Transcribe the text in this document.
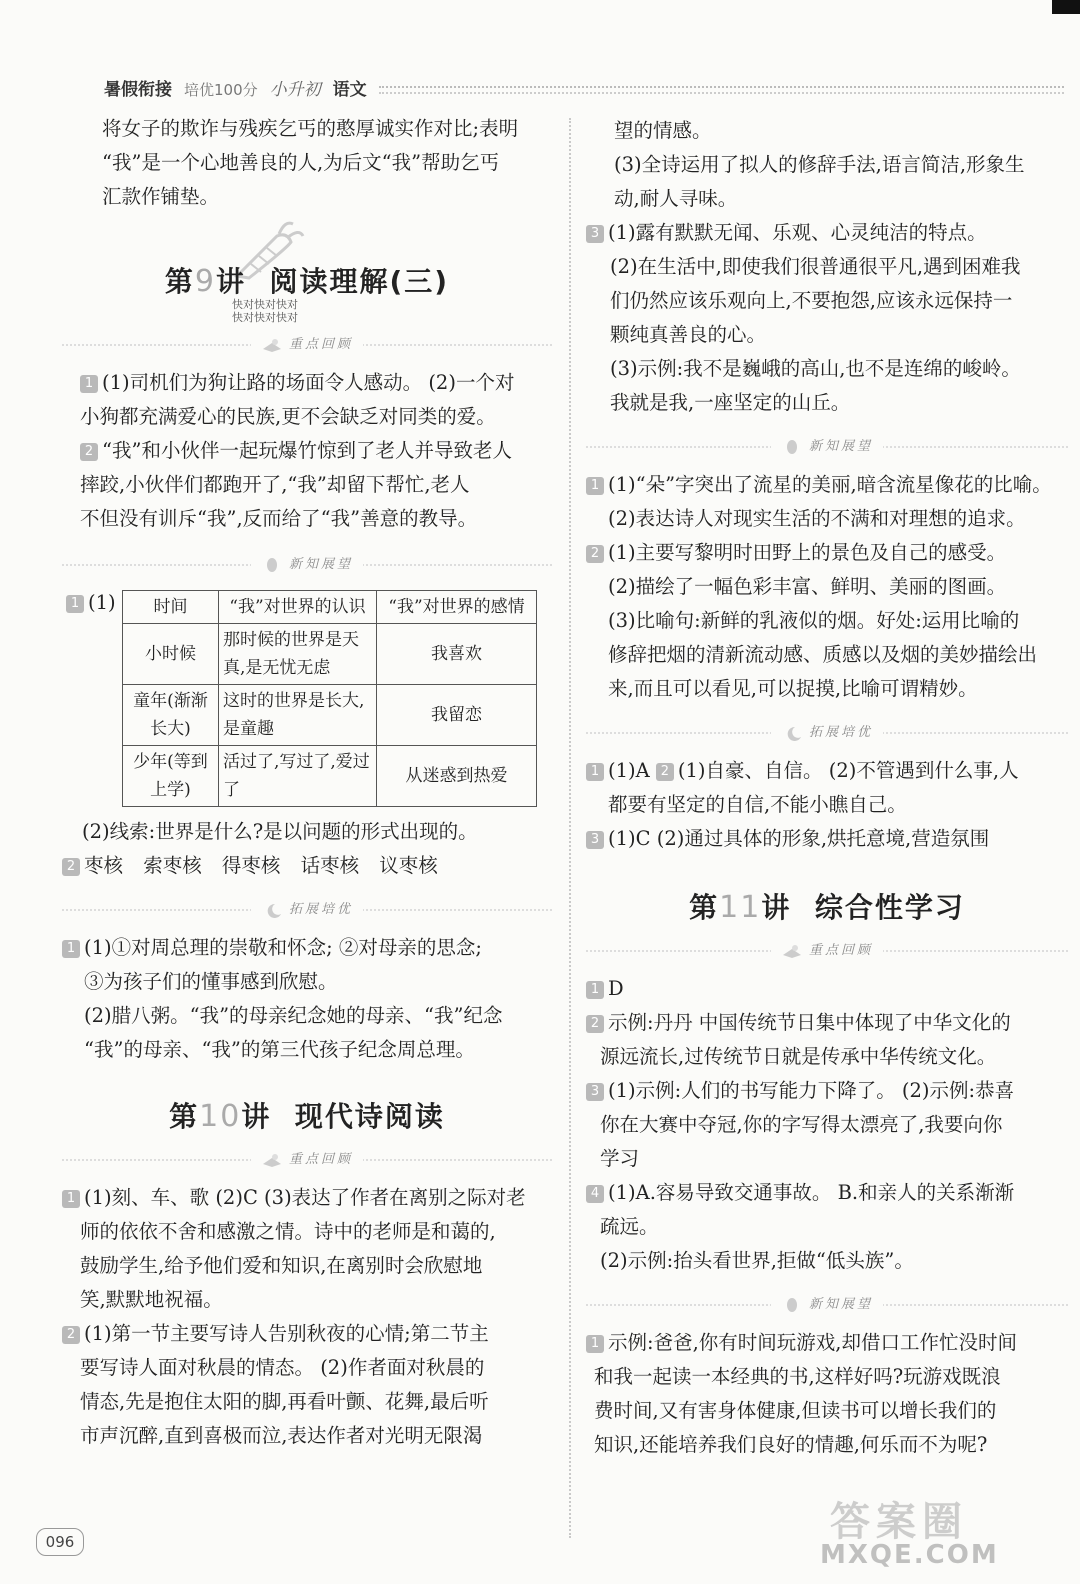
暑假衔接 培优100分 小升初 语文

将女子的欺诈与残疾乞丐的憨厚诚实作对比;表明

“我”是一个心地善良的人,为后文“我”帮助乞丐

汇款作铺垫。

第9讲 阅读理解(三)
快对快对快对
快对快对快对
重点回顾

1 (1)司机们为狗让路的场面令人感动。 (2)一个对

小狗都充满爱心的民族,更不会缺乏对同类的爱。

2 “我”和小伙伴一起玩爆竹惊到了老人并导致老人

摔跤,小伙伴们都跑开了,“我”却留下帮忙,老人

不但没有训斥“我”,反而给了“我”善意的教导。

新知展望

1 (1)	时间	“我”对世界的认识	“我”对世界的感情
小时候	那时候的世界是天真,是无忧无虑	我喜欢
童年(渐渐长大)	这时的世界是长大,是童趣	我留恋
少年(等到上学)	活过了,写过了,爱过了	从迷惑到热爱

(2)线索:世界是什么?是以问题的形式出现的。

2 枣核 索枣核 得枣核 话枣核 议枣核

拓展培优

1 (1)①对周总理的崇敬和怀念; ②对母亲的思念;

③为孩子们的懂事感到欣慰。

(2)腊八粥。“我”的母亲纪念她的母亲、“我”纪念

“我”的母亲、“我”的第三代孩子纪念周总理。

第10讲 现代诗阅读
重点回顾

1 (1)刻、车、歌 (2)C (3)表达了作者在离别之际对老

师的依依不舍和感激之情。诗中的老师是和蔼的,

鼓励学生,给予他们爱和知识,在离别时会欣慰地

笑,默默地祝福。

2 (1)第一节主要写诗人告别秋夜的心情;第二节主

要写诗人面对秋晨的情态。 (2)作者面对秋晨的

情态,先是抱住太阳的脚,再看叶颤、花舞,最后听

市声沉醉,直到喜极而泣,表达作者对光明无限渴

望的情感。

(3)全诗运用了拟人的修辞手法,语言简洁,形象生

动,耐人寻味。

3 (1)露有默默无闻、乐观、心灵纯洁的特点。

(2)在生活中,即使我们很普通很平凡,遇到困难我

们仍然应该乐观向上,不要抱怨,应该永远保持一

颗纯真善良的心。

(3)示例:我不是巍峨的高山,也不是连绵的峻岭。

我就是我,一座坚定的山丘。

新知展望

1 (1)“朵”字突出了流星的美丽,暗含流星像花的比喻。

(2)表达诗人对现实生活的不满和对理想的追求。

2 (1)主要写黎明时田野上的景色及自己的感受。

(2)描绘了一幅色彩丰富、鲜明、美丽的图画。

(3)比喻句:新鲜的乳液似的烟。好处:运用比喻的

修辞把烟的清新流动感、质感以及烟的美妙描绘出

来,而且可以看见,可以捉摸,比喻可谓精妙。

拓展培优

1 (1)A 2 (1)自豪、自信。 (2)不管遇到什么事,人

都要有坚定的自信,不能小瞧自己。

3 (1)C (2)通过具体的形象,烘托意境,营造氛围

第11讲 综合性学习
重点回顾

1 D

2 示例:丹丹 中国传统节日集中体现了中华文化的

源远流长,过传统节日就是传承中华传统文化。

3 (1)示例:人们的书写能力下降了。 (2)示例:恭喜

你在大赛中夺冠,你的字写得太漂亮了,我要向你

学习

4 (1)A.容易导致交通事故。 B.和亲人的关系渐渐

疏远。

(2)示例:抬头看世界,拒做“低头族”。

新知展望

1 示例:爸爸,你有时间玩游戏,却借口工作忙没时间

和我一起读一本经典的书,这样好吗?玩游戏既浪

费时间,又有害身体健康,但读书可以增长我们的

知识,还能培养我们良好的情趣,何乐而不为呢?

答案圈
MXQE.COM
096
